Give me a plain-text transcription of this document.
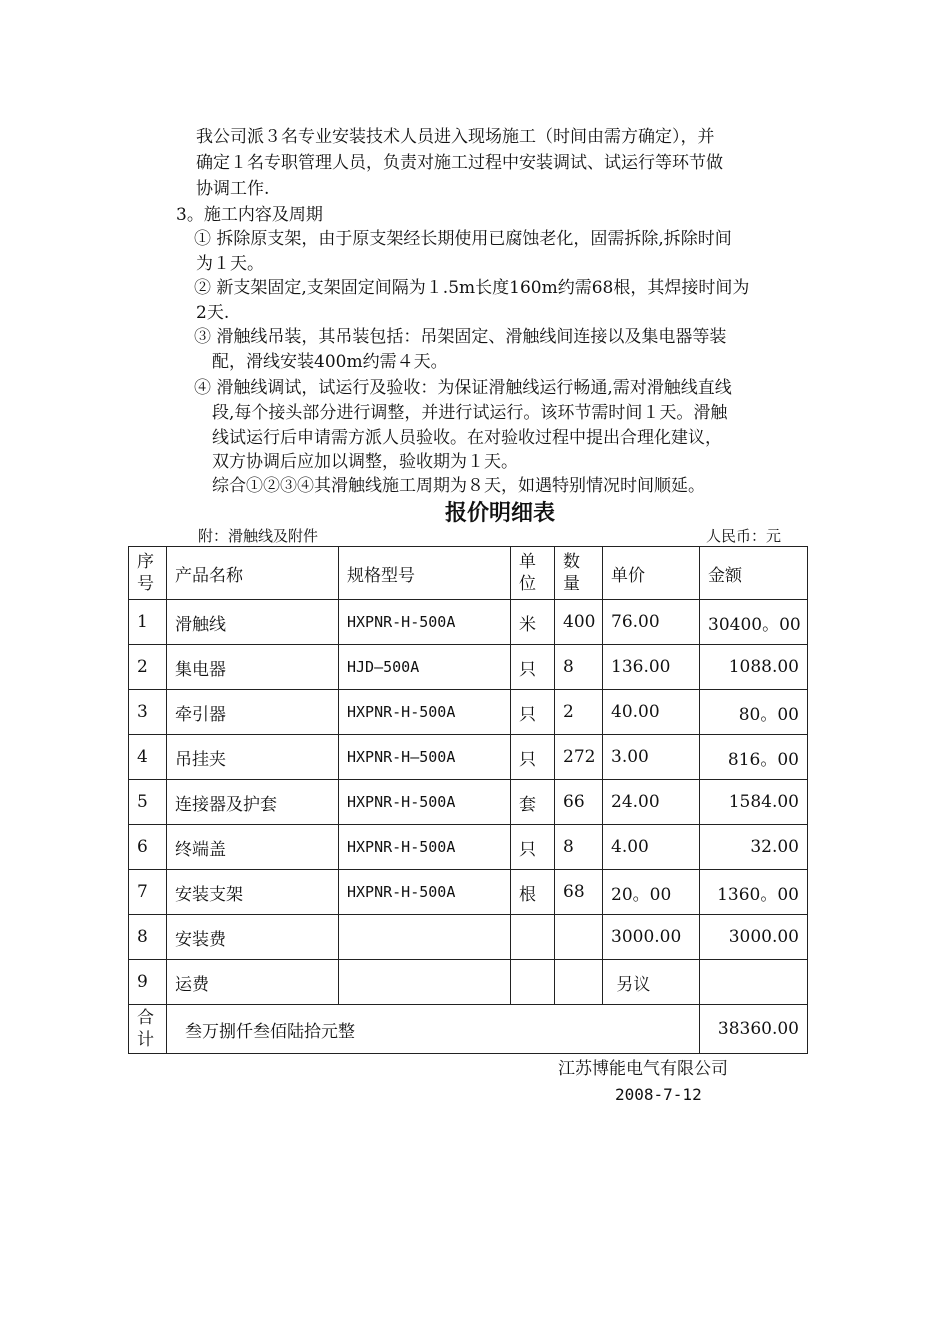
我公司派３名专业安装技术人员进入现场施工（时间由需方确定），并
确定１名专职管理人员，负责对施工过程中安装调试、试运行等环节做
协调工作.
3。施工内容及周期
① 拆除原支架，由于原支架经长期使用已腐蚀老化，固需拆除,拆除时间
为１天。
② 新支架固定,支架固定间隔为１.5m长度160m约需68根，其焊接时间为
2天.
③ 滑触线吊装，其吊装包括：吊架固定、滑触线间连接以及集电器等装
配，滑线安装400m约需４天。
④ 滑触线调试，试运行及验收：为保证滑触线运行畅通,需对滑触线直线
段,每个接头部分进行调整，并进行试运行。该环节需时间１天。滑触
线试运行后申请需方派人员验收。在对验收过程中提出合理化建议，
双方协调后应加以调整，验收期为１天。
综合①②③④其滑触线施工周期为８天，如遇特别情况时间顺延。
报价明细表
附：滑触线及附件	人民币：元
序
号	产品名称	规格型号	单
位	数
量	单价	金额
1	滑触线	HXPNR-H-500A	米	400	76.00	30400。00
2	集电器	HJD—500A	只	8	136.00	1088.00
3	牵引器	HXPNR-H-500A	只	2	40.00	80。00
4	吊挂夹	HXPNR-H—500A	只	272	3.00	816。00
5	连接器及护套	HXPNR-H-500A	套	66	24.00	1584.00
6	终端盖	HXPNR-H-500A	只	8	4.00	32.00
7	安装支架	HXPNR-H-500A	根	68	20。00	1360。00
8	安装费				3000.00	3000.00
9	运费				另议	

合
计	叁万捌仟叁佰陆拾元整					38360.00
江苏博能电气有限公司
2008-7-12
